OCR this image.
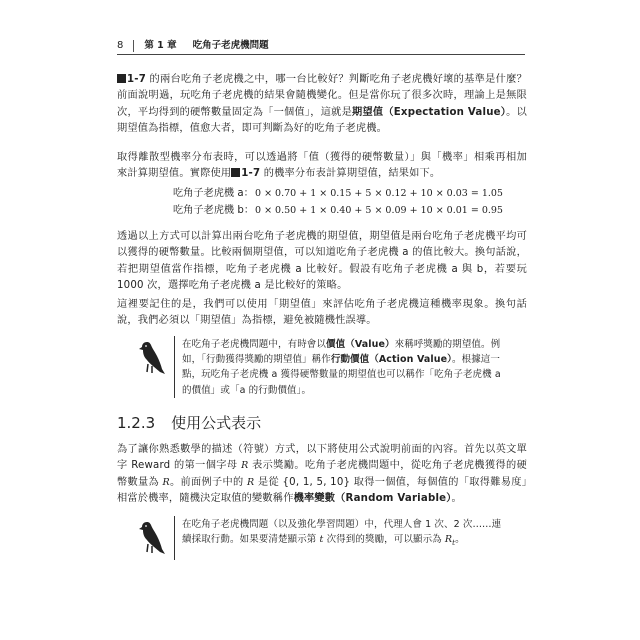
8 第 1 章 吃角子老虎機問題
1-7 的兩台吃角子老虎機之中，哪一台比較好？判斷吃角子老虎機好壞的基準是什麼？前面說明過，玩吃角子老虎機的結果會隨機變化。但是當你玩了很多次時，理論上是無限次，平均得到的硬幣數量固定為「一個值」，這就是期望值（Expectation Value）。以期望值為指標，值愈大者，即可判斷為好的吃角子老虎機。
取得離散型機率分布表時，可以透過將「值（獲得的硬幣數量）」與「機率」相乘再相加來計算期望值。實際使用 1-7 的機率分布表計算期望值，結果如下。
吃角子老虎機 a：0 × 0.70 + 1 × 0.15 + 5 × 0.12 + 10 × 0.03 = 1.05
吃角子老虎機 b：0 × 0.50 + 1 × 0.40 + 5 × 0.09 + 10 × 0.01 = 0.95
透過以上方式可以計算出兩台吃角子老虎機的期望值，期望值是兩台吃角子老虎機平均可以獲得的硬幣數量。比較兩個期望值，可以知道吃角子老虎機 a 的值比較大。換句話說，若把期望值當作指標，吃角子老虎機 a 比較好。假設有吃角子老虎機 a 與 b，若要玩 1000 次，選擇吃角子老虎機 a 是比較好的策略。
這裡要記住的是，我們可以使用「期望值」來評估吃角子老虎機這種機率現象。換句話說，我們必須以「期望值」為指標，避免被隨機性誤導。
在吃角子老虎機問題中，有時會以價值（Value）來稱呼獎勵的期望值。例如，「行動獲得獎勵的期望值」稱作行動價值（Action Value）。根據這一點，玩吃角子老虎機 a 獲得硬幣數量的期望值也可以稱作「吃角子老虎機 a 的價值」或「a 的行動價值」。
1.2.3 使用公式表示
為了讓你熟悉數學的描述（符號）方式，以下將使用公式說明前面的內容。首先以英文單字 Reward 的第一個字母 R 表示獎勵。吃角子老虎機問題中，從吃角子老虎機獲得的硬幣數量為 R。前面例子中的 R 是從 {0, 1, 5, 10} 取得一個值，每個值的「取得難易度」相當於機率，隨機決定取值的變數稱作機率變數（Random Variable）。
在吃角子老虎機問題（以及強化學習問題）中，代理人會 1 次、2 次……連續採取行動。如果要清楚顯示第 t 次得到的獎勵，可以顯示為 $R_t$。
